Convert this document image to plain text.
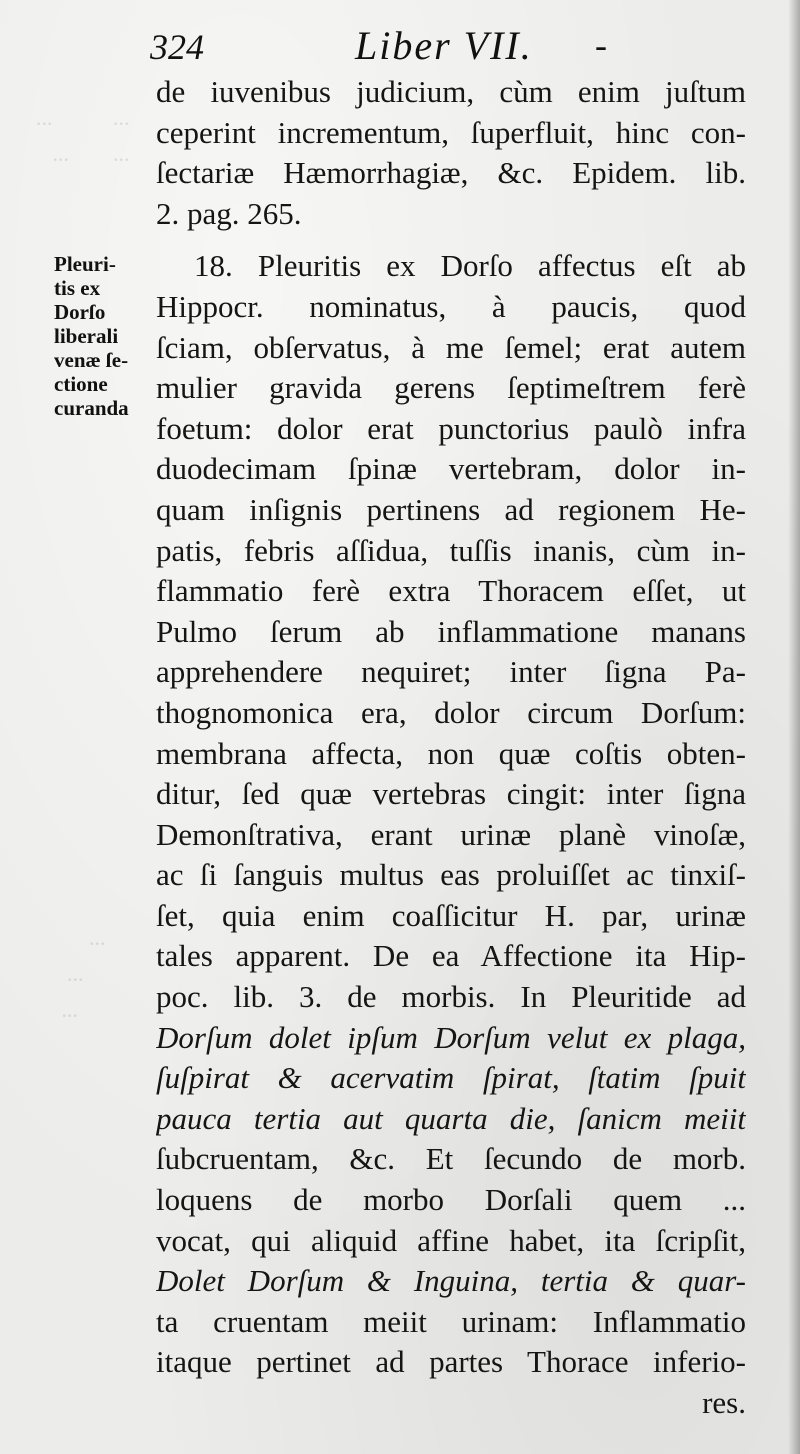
...           ...
...        ...
...
...
...
324	Liber VII. -
Pleuri-
tis ex
Dorſo
liberali
venæ ſe-
ctione
curanda
de iuvenibus judicium, cùm enim juſtum
ceperint incrementum, ſuperfluit, hinc con-
ſectariæ Hæmorrhagiæ, &c. Epidem. lib.
2. pag. 265.
18. Pleuritis ex Dorſo affectus eſt ab
Hippocr. nominatus, à paucis, quod
ſciam, obſervatus, à me ſemel; erat autem
mulier gravida gerens ſeptimeſtrem ferè
foetum: dolor erat punctorius paulò infra
duodecimam ſpinæ vertebram, dolor in-
quam inſignis pertinens ad regionem He-
patis, febris aſſidua, tuſſis inanis, cùm in-
flammatio ferè extra Thoracem eſſet, ut
Pulmo ſerum ab inflammatione manans
apprehendere nequiret; inter ſigna Pa-
thognomonica era, dolor circum Dorſum:
membrana affecta, non quæ coſtis obten-
ditur, ſed quæ vertebras cingit: inter ſigna
Demonſtrativa, erant urinæ planè vinoſæ,
ac ſi ſanguis multus eas proluiſſet ac tinxiſ-
ſet, quia enim coaſſicitur H. par, urinæ
tales apparent. De ea Affectione ita Hip-
poc. lib. 3. de morbis. In Pleuritide ad
Dorſum dolet ipſum Dorſum velut ex plaga,
ſuſpirat & acervatim ſpirat, ſtatim ſpuit
pauca tertia aut quarta die, ſanicm meiit
ſubcruentam, &c. Et ſecundo de morb.
loquens de morbo Dorſali quem ...
vocat, qui aliquid affine habet, ita ſcripſit,
Dolet Dorſum & Inguina, tertia & quar-
ta cruentam meiit urinam: Inflammatio
itaque pertinet ad partes Thorace inferio-
res.
